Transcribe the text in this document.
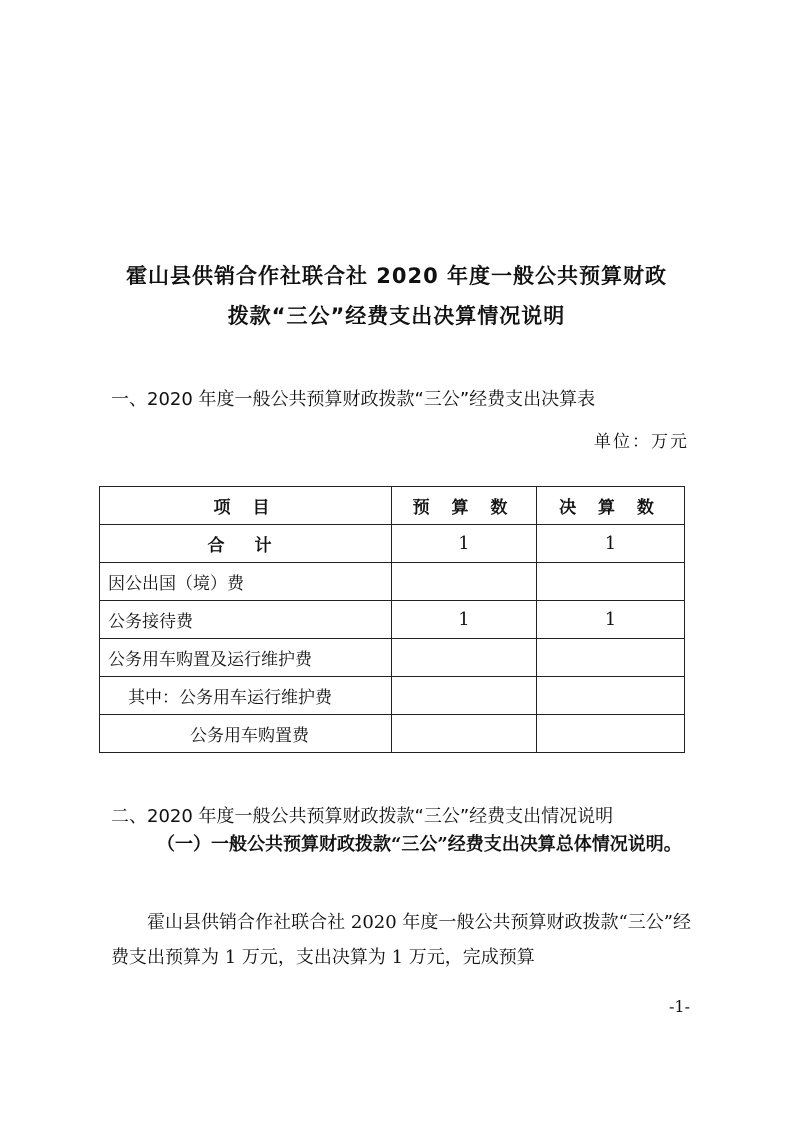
霍山县供销合作社联合社 2020 年度一般公共预算财政
拨款“三公”经费支出决算情况说明
一、2020 年度一般公共预算财政拨款“三公”经费支出决算表
单位：万元
项 目	预 算 数	决 算 数
合 计	1	1
因公出国（境）费		
公务接待费	1	1
公务用车购置及运行维护费		
其中：公务用车运行维护费		
公务用车购置费		
二、2020 年度一般公共预算财政拨款“三公”经费支出情况说明
（一）一般公共预算财政拨款“三公”经费支出决算总体情况说明。
霍山县供销合作社联合社 2020 年度一般公共预算财政拨款“三公”经费支出预算为 1 万元，支出决算为 1 万元，完成预算
-1-
